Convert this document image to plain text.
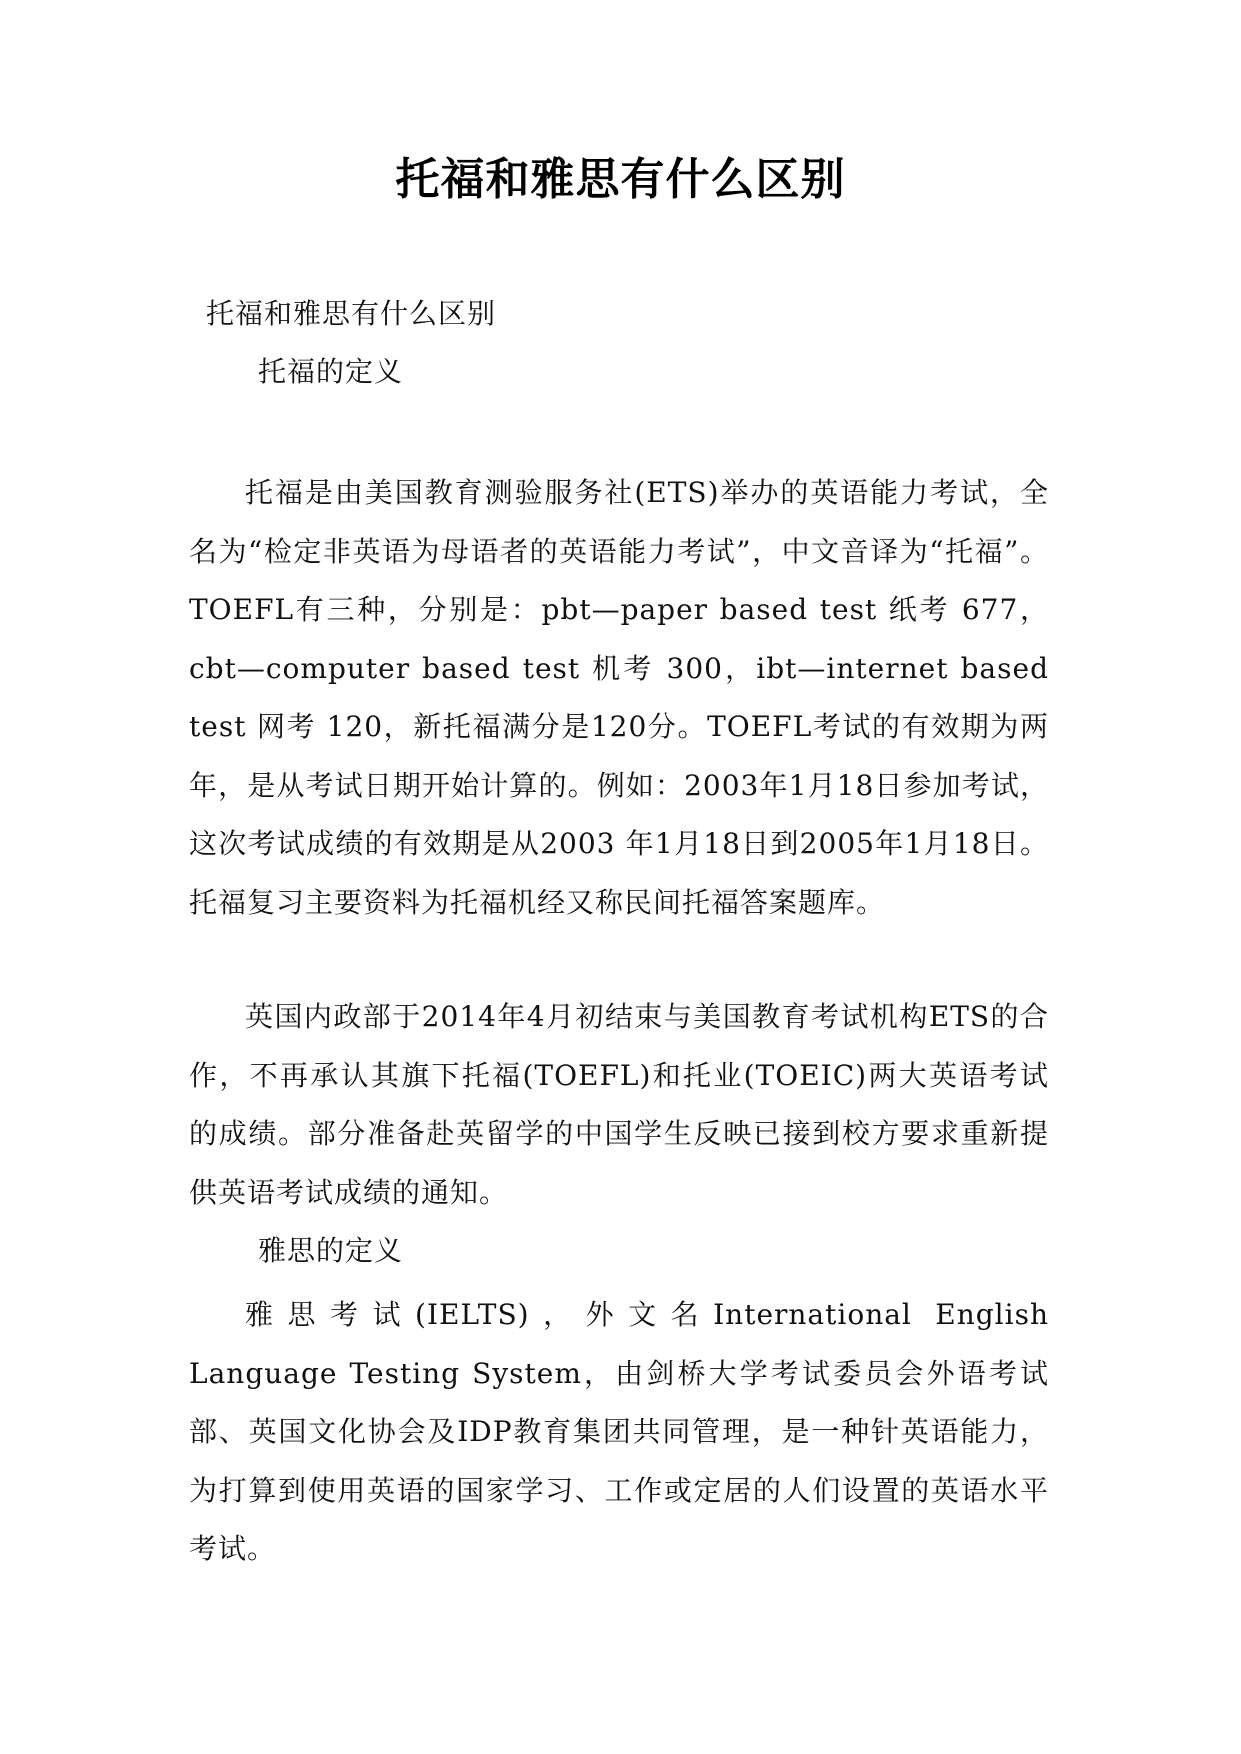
托福和雅思有什么区别
托福和雅思有什么区别
托福的定义

托福是由美国教育测验服务社(ETS)举办的英语能力考试，全名为“检定非英语为母语者的英语能力考试”，中文音译为“托福”。TOEFL有三种，分别是：pbt—paper based test 纸考 677，cbt—computer based test 机考 300，ibt—internet based test 网考 120，新托福满分是120分。TOEFL考试的有效期为两年，是从考试日期开始计算的。例如：2003年1月18日参加考试，这次考试成绩的有效期是从2003 年1月18日到2005年1月18日。托福复习主要资料为托福机经又称民间托福答案题库。

英国内政部于2014年4月初结束与美国教育考试机构ETS的合作，不再承认其旗下托福(TOEFL)和托业(TOEIC)两大英语考试的成绩。部分准备赴英留学的中国学生反映已接到校方要求重新提供英语考试成绩的通知。

雅思的定义

雅思考试(IELTS)，外文名International English Language Testing System，由剑桥大学考试委员会外语考试部、英国文化协会及IDP教育集团共同管理，是一种针英语能力，为打算到使用英语的国家学习、工作或定居的人们设置的英语水平考试。
